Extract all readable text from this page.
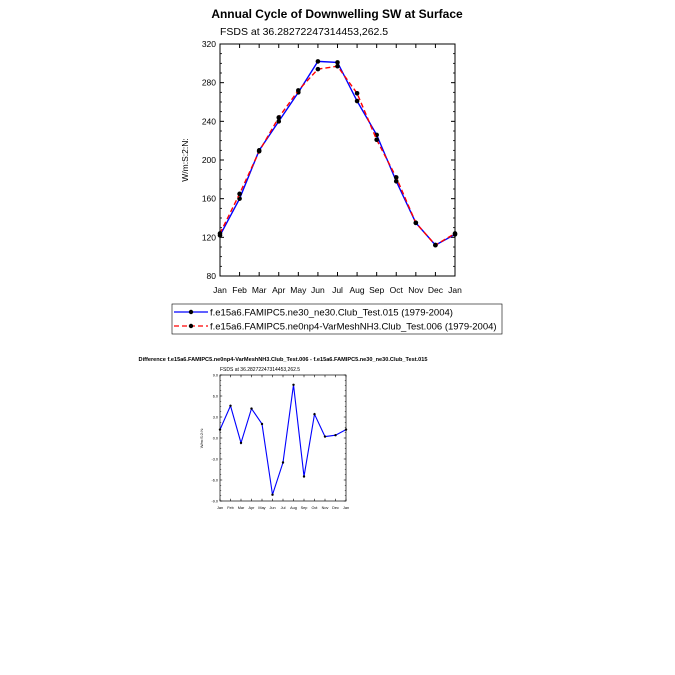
Annual Cycle of Downwelling SW at Surface
FSDS at 36.28272247314453,262.5
W/m:S:2:N:
80
120
160
200
240
280
320
Jan Feb Mar Apr May Jun Jul Aug Sep Oct Nov Dec Jan
f.e15a6.FAMIPC5.ne30_ne30.Club_Test.015 (1979-2004)
f.e15a6.FAMIPC5.ne0np4-VarMeshNH3.Club_Test.006 (1979-2004)
Difference f.e15a6.FAMIPC5.ne0np4-VarMeshNH3.Club_Test.006 - f.e15a6.FAMIPC5.ne30_ne30.Club_Test.015
FSDS at 36.28272247314453,262.5
W/m:S:2:N:
-9.0
-6.0
-3.0
0.0
3.0
6.0
9.0
Jan Feb Mar Apr May Jun Jul Aug Sep Oct Nov Dec Jan
